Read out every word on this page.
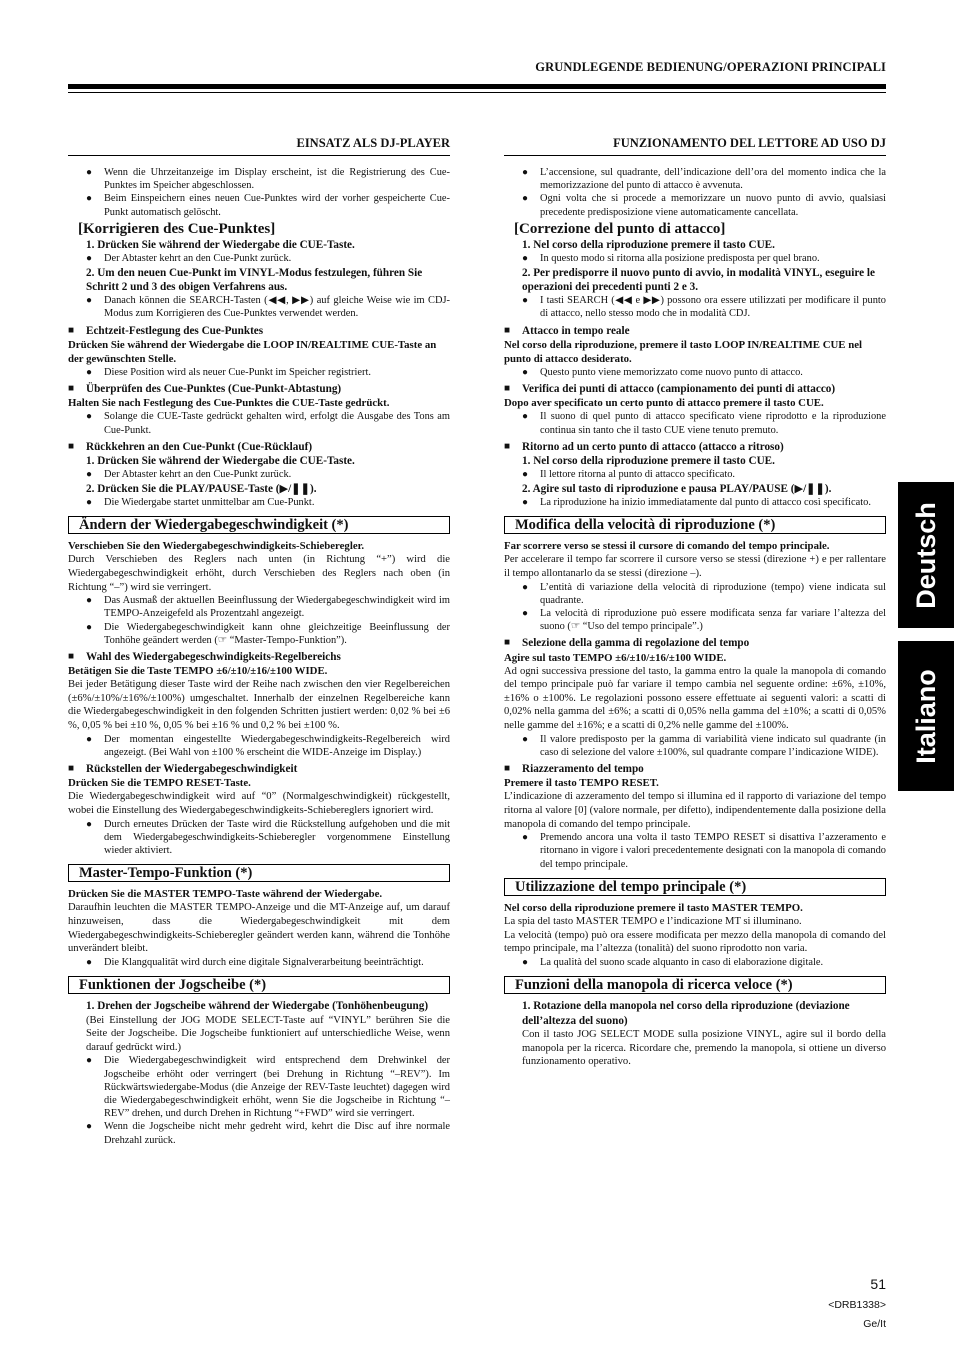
GRUNDLEGENDE BEDIENUNG/OPERAZIONI PRINCIPALI
EINSATZ ALS DJ-PLAYER
● Wenn die Uhrzeitanzeige im Display erscheint, ist die Registrierung des Cue-Punktes im Speicher abgeschlossen.
● Beim Einspeichern eines neuen Cue-Punktes wird der vorher gespeicherte Cue-Punkt automatisch gelöscht.
[Korrigieren des Cue-Punktes]
1. Drücken Sie während der Wiedergabe die CUE-Taste.
● Der Abtaster kehrt an den Cue-Punkt zurück.
2. Um den neuen Cue-Punkt im VINYL-Modus festzulegen, führen Sie Schritt 2 und 3 des obigen Verfahrens aus.
● Danach können die SEARCH-Tasten (◀◀, ▶▶) auf gleiche Weise wie im CDJ-Modus zum Korrigieren des Cue-Punktes verwendet werden.
■ Echtzeit-Festlegung des Cue-Punktes
Drücken Sie während der Wiedergabe die LOOP IN/REALTIME CUE-Taste an der gewünschten Stelle.
● Diese Position wird als neuer Cue-Punkt im Speicher registriert.
■ Überprüfen des Cue-Punktes (Cue-Punkt-Abtastung)
Halten Sie nach Festlegung des Cue-Punktes die CUE-Taste gedrückt.
● Solange die CUE-Taste gedrückt gehalten wird, erfolgt die Ausgabe des Tons am Cue-Punkt.
■ Rückkehren an den Cue-Punkt (Cue-Rücklauf)
1. Drücken Sie während der Wiedergabe die CUE-Taste.
● Der Abtaster kehrt an den Cue-Punkt zurück.
2. Drücken Sie die PLAY/PAUSE-Taste (▶/❚❚).
● Die Wiedergabe startet unmittelbar am Cue-Punkt.
Ändern der Wiedergabegeschwindigkeit (*)
Verschieben Sie den Wiedergabegeschwindigkeits-Schieberegler.
Durch Verschieben des Reglers nach unten (in Richtung “+”) wird die Wiedergabegeschwindigkeit erhöht, durch Verschieben des Reglers nach oben (in Richtung “–”) wird sie verringert.
● Das Ausmaß der aktuellen Beeinflussung der Wiedergabegeschwindigkeit wird im TEMPO-Anzeigefeld als Prozentzahl angezeigt.
● Die Wiedergabegeschwindigkeit kann ohne gleichzeitige Beeinflussung der Tonhöhe geändert werden (☞ “Master-Tempo-Funktion”).
■ Wahl des Wiedergabegeschwindigkeits-Regelbereichs
Betätigen Sie die Taste TEMPO ±6/±10/±16/±100 WIDE.
Bei jeder Betätigung dieser Taste wird der Reihe nach zwischen den vier Regelbereichen (±6%/±10%/±16%/±100%) umgeschaltet. Innerhalb der einzelnen Regelbereiche kann die Wiedergabegeschwindigkeit in den folgenden Schritten justiert werden: 0,02 % bei ±6 %, 0,05 % bei ±10 %, 0,05 % bei ±16 % und 0,2 % bei ±100 %.
● Der momentan eingestellte Wiedergabegeschwindigkeits-Regelbereich wird angezeigt. (Bei Wahl von ±100 % erscheint die WIDE-Anzeige im Display.)
■ Rückstellen der Wiedergabegeschwindigkeit
Drücken Sie die TEMPO RESET-Taste.
Die Wiedergabegeschwindigkeit wird auf “0” (Normalgeschwindigkeit) rückgestellt, wobei die Einstellung des Wiedergabegeschwindigkeits-Schiebereglers ignoriert wird.
● Durch erneutes Drücken der Taste wird die Rückstellung aufgehoben und die mit dem Wiedergabegeschwindigkeits-Schieberegler vorgenommene Einstellung wieder aktiviert.
Master-Tempo-Funktion (*)
Drücken Sie die MASTER TEMPO-Taste während der Wiedergabe.
Daraufhin leuchten die MASTER TEMPO-Anzeige und die MT-Anzeige auf, um darauf hinzuweisen, dass die Wiedergabegeschwindigkeit mit dem Wiedergabegeschwindigkeits-Schieberegler geändert werden kann, während die Tonhöhe unverändert bleibt.
● Die Klangqualität wird durch eine digitale Signalverarbeitung beeinträchtigt.
Funktionen der Jogscheibe (*)
1. Drehen der Jogscheibe während der Wiedergabe (Tonhöhenbeugung)
(Bei Einstellung der JOG MODE SELECT-Taste auf “VINYL” berühren Sie die Seite der Jogscheibe. Die Jogscheibe funktioniert auf unterschiedliche Weise, wenn darauf gedrückt wird.)
● Die Wiedergabegeschwindigkeit wird entsprechend dem Drehwinkel der Jogscheibe erhöht oder verringert (bei Drehung in Richtung “–REV”). Im Rückwärtswiedergabe-Modus (die Anzeige der REV-Taste leuchtet) dagegen wird die Wiedergabegeschwindigkeit erhöht, wenn Sie die Jogscheibe in Richtung “–REV” drehen, und durch Drehen in Richtung “+FWD” wird sie verringert.
● Wenn die Jogscheibe nicht mehr gedreht wird, kehrt die Disc auf ihre normale Drehzahl zurück.
FUNZIONAMENTO DEL LETTORE AD USO DJ
● L’accensione, sul quadrante, dell’indicazione dell’ora del momento indica che la memorizzazione del punto di attacco è avvenuta.
● Ogni volta che si procede a memorizzare un nuovo punto di avvio, qualsiasi precedente predisposizione viene automaticamente cancellata.
[Correzione del punto di attacco]
1. Nel corso della riproduzione premere il tasto CUE.
● In questo modo si ritorna alla posizione predisposta per quel brano.
2. Per predisporre il nuovo punto di avvio, in modalità VINYL, eseguire le operazioni dei precedenti punti 2 e 3.
● I tasti SEARCH (◀◀ e ▶▶) possono ora essere utilizzati per modificare il punto di attacco, nello stesso modo che in modalità CDJ.
■ Attacco in tempo reale
Nel corso della riproduzione, premere il tasto LOOP IN/REALTIME CUE nel punto di attacco desiderato.
● Questo punto viene memorizzato come nuovo punto di attacco.
■ Verifica dei punti di attacco (campionamento dei punti di attacco)
Dopo aver specificato un certo punto di attacco premere il tasto CUE.
● Il suono di quel punto di attacco specificato viene riprodotto e la riproduzione continua sin tanto che il tasto CUE viene tenuto premuto.
■ Ritorno ad un certo punto di attacco (attacco a ritroso)
1. Nel corso della riproduzione premere il tasto CUE.
● Il lettore ritorna al punto di attacco specificato.
2. Agire sul tasto di riproduzione e pausa PLAY/PAUSE (▶/❚❚).
● La riproduzione ha inizio immediatamente dal punto di attacco così specificato.
Modifica della velocità di riproduzione (*)
Far scorrere verso se stessi il cursore di comando del tempo principale.
Per accelerare il tempo far scorrere il cursore verso se stessi (direzione +) e per rallentare il tempo allontanarlo da se stessi (direzione –).
● L’entità di variazione della velocità di riproduzione (tempo) viene indicata sul quadrante.
● La velocità di riproduzione può essere modificata senza far variare l’altezza del suono (☞ “Uso del tempo principale”.)
■ Selezione della gamma di regolazione del tempo
Agire sul tasto TEMPO ±6/±10/±16/±100 WIDE.
Ad ogni successiva pressione del tasto, la gamma entro la quale la manopola di comando del tempo principale può far variare il tempo cambia nel seguente ordine: ±6%, ±10%, ±16% o ±100%. Le regolazioni possono essere effettuate ai seguenti valori: a scatti di 0,02% nella gamma del ±6%; a scatti di 0,05% nella gamma del ±10%; a scatti di 0,05% nelle gamme del ±16%; e a scatti di 0,2% nelle gamme del ±100%.
● Il valore predisposto per la gamma di variabilità viene indicato sul quadrante (in caso di selezione del valore ±100%, sul quadrante compare l’indicazione WIDE).
■ Riazzeramento del tempo
Premere il tasto TEMPO RESET.
L’indicazione di azzeramento del tempo si illumina ed il rapporto di variazione del tempo ritorna al valore [0] (valore normale, per difetto), indipendentemente dalla posizione della manopola di comando del tempo principale.
● Premendo ancora una volta il tasto TEMPO RESET si disattiva l’azzeramento e ritornano in vigore i valori precedentemente designati con la manopola di comando del tempo principale.
Utilizzazione del tempo principale (*)
Nel corso della riproduzione premere il tasto MASTER TEMPO.
La spia del tasto MASTER TEMPO e l’indicazione MT si illuminano.
La velocità (tempo) può ora essere modificata per mezzo della manopola di comando del tempo principale, ma l’altezza (tonalità) del suono riprodotto non varia.
● La qualità del suono scade alquanto in caso di elaborazione digitale.
Funzioni della manopola di ricerca veloce (*)
1. Rotazione della manopola nel corso della riproduzione (deviazione dell’altezza del suono)
Con il tasto JOG SELECT MODE sulla posizione VINYL, agire sul il bordo della manopola per la ricerca. Ricordare che, premendo la manopola, si ottiene un diverso funzionamento operativo.
Deutsch
Italiano
51
<DRB1338>
Ge/It
